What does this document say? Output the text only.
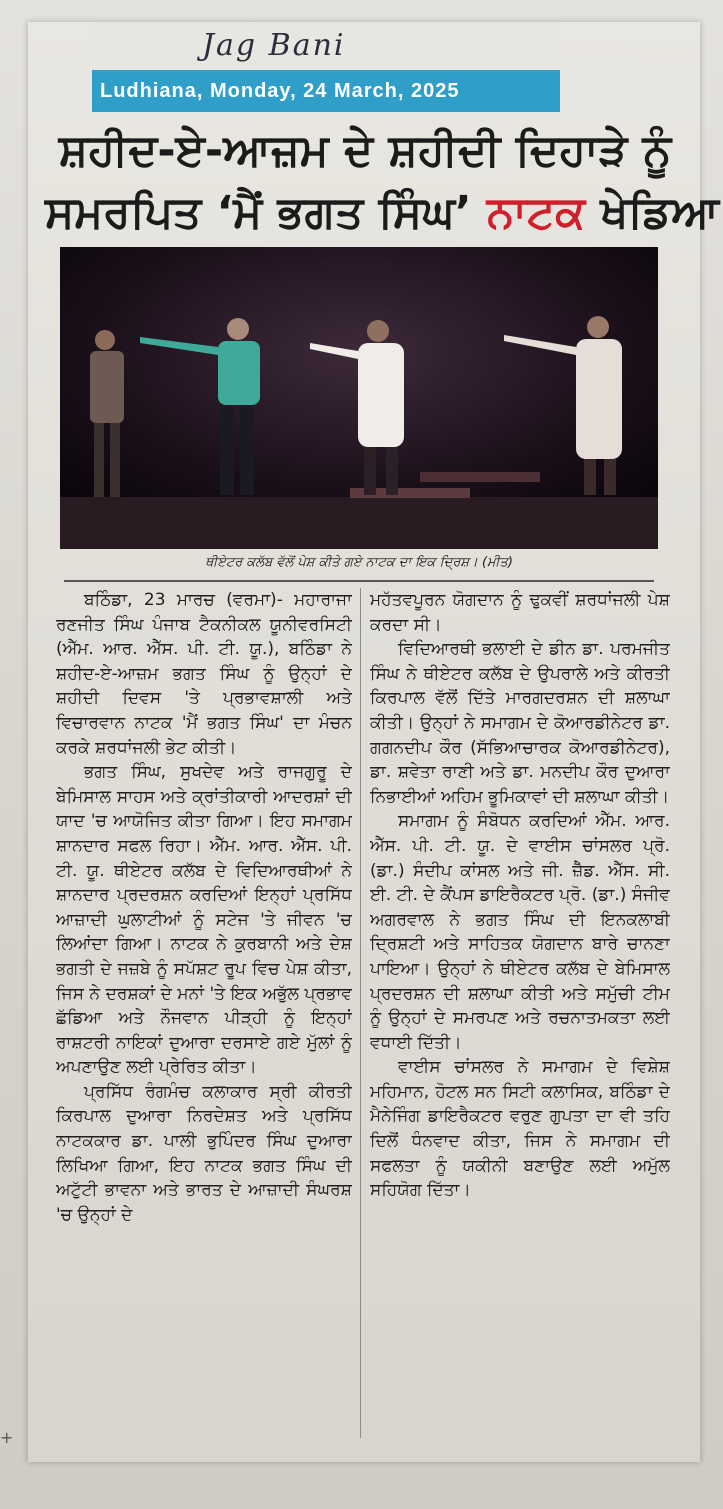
Jag Bani
Ludhiana, Monday, 24 March, 2025
ਸ਼ਹੀਦ-ਏ-ਆਜ਼ਮ ਦੇ ਸ਼ਹੀਦੀ ਦਿਹਾੜੇ ਨੂੰ
ਸਮਰਪਿਤ ‘ਮੈਂ ਭਗਤ ਸਿੰਘ’ ਨਾਟਕ ਖੇਡਿਆ
ਥੀਏਟਰ ਕਲੱਬ ਵੱਲੋਂ ਪੇਸ਼ ਕੀਤੇ ਗਏ ਨਾਟਕ ਦਾ ਇਕ ਦ੍ਰਿਸ਼। (ਮੀਤ)

ਬਠਿੰਡਾ, 23 ਮਾਰਚ (ਵਰਮਾ)- ਮਹਾਰਾਜਾ ਰਣਜੀਤ ਸਿੰਘ ਪੰਜਾਬ ਟੈਕਨੀਕਲ ਯੂਨੀਵਰਸਿਟੀ (ਐੱਮ. ਆਰ. ਐੱਸ. ਪੀ. ਟੀ. ਯੂ.), ਬਠਿੰਡਾ ਨੇ ਸ਼ਹੀਦ-ਏ-ਆਜ਼ਮ ਭਗਤ ਸਿੰਘ ਨੂੰ ਉਨ੍ਹਾਂ ਦੇ ਸ਼ਹੀਦੀ ਦਿਵਸ 'ਤੇ ਪ੍ਰਭਾਵਸ਼ਾਲੀ ਅਤੇ ਵਿਚਾਰਵਾਨ ਨਾਟਕ 'ਮੈਂ ਭਗਤ ਸਿੰਘ' ਦਾ ਮੰਚਨ ਕਰਕੇ ਸ਼ਰਧਾਂਜਲੀ ਭੇਟ ਕੀਤੀ।

ਭਗਤ ਸਿੰਘ, ਸੁਖਦੇਵ ਅਤੇ ਰਾਜਗੁਰੂ ਦੇ ਬੇਮਿਸਾਲ ਸਾਹਸ ਅਤੇ ਕ੍ਰਾਂਤੀਕਾਰੀ ਆਦਰਸ਼ਾਂ ਦੀ ਯਾਦ 'ਚ ਆਯੋਜਿਤ ਕੀਤਾ ਗਿਆ। ਇਹ ਸਮਾਗਮ ਸ਼ਾਨਦਾਰ ਸਫਲ ਰਿਹਾ। ਐੱਮ. ਆਰ. ਐੱਸ. ਪੀ. ਟੀ. ਯੂ. ਥੀਏਟਰ ਕਲੱਬ ਦੇ ਵਿਦਿਆਰਥੀਆਂ ਨੇ ਸ਼ਾਨਦਾਰ ਪ੍ਰਦਰਸ਼ਨ ਕਰਦਿਆਂ ਇਨ੍ਹਾਂ ਪ੍ਰਸਿੱਧ ਆਜ਼ਾਦੀ ਘੁਲਾਟੀਆਂ ਨੂੰ ਸਟੇਜ 'ਤੇ ਜੀਵਨ 'ਚ ਲਿਆਂਦਾ ਗਿਆ। ਨਾਟਕ ਨੇ ਕੁਰਬਾਨੀ ਅਤੇ ਦੇਸ਼ ਭਗਤੀ ਦੇ ਜਜ਼ਬੇ ਨੂੰ ਸਪੱਸ਼ਟ ਰੂਪ ਵਿਚ ਪੇਸ਼ ਕੀਤਾ, ਜਿਸ ਨੇ ਦਰਸ਼ਕਾਂ ਦੇ ਮਨਾਂ 'ਤੇ ਇਕ ਅਭੁੱਲ ਪ੍ਰਭਾਵ ਛੱਡਿਆ ਅਤੇ ਨੌਜਵਾਨ ਪੀੜ੍ਹੀ ਨੂੰ ਇਨ੍ਹਾਂ ਰਾਸ਼ਟਰੀ ਨਾਇਕਾਂ ਦੁਆਰਾ ਦਰਸਾਏ ਗਏ ਮੁੱਲਾਂ ਨੂੰ ਅਪਣਾਉਣ ਲਈ ਪ੍ਰੇਰਿਤ ਕੀਤਾ।

ਪ੍ਰਸਿੱਧ ਰੰਗਮੰਚ ਕਲਾਕਾਰ ਸ੍ਰੀ ਕੀਰਤੀ ਕਿਰਪਾਲ ਦੁਆਰਾ ਨਿਰਦੇਸ਼ਤ ਅਤੇ ਪ੍ਰਸਿੱਧ ਨਾਟਕਕਾਰ ਡਾ. ਪਾਲੀ ਭੁਪਿੰਦਰ ਸਿੰਘ ਦੁਆਰਾ ਲਿਖਿਆ ਗਿਆ, ਇਹ ਨਾਟਕ ਭਗਤ ਸਿੰਘ ਦੀ ਅਟੁੱਟੀ ਭਾਵਨਾ ਅਤੇ ਭਾਰਤ ਦੇ ਆਜ਼ਾਦੀ ਸੰਘਰਸ਼ 'ਚ ਉਨ੍ਹਾਂ ਦੇ

ਮਹੱਤਵਪੂਰਨ ਯੋਗਦਾਨ ਨੂੰ ਢੁਕਵੀਂ ਸ਼ਰਧਾਂਜਲੀ ਪੇਸ਼ ਕਰਦਾ ਸੀ।

ਵਿਦਿਆਰਥੀ ਭਲਾਈ ਦੇ ਡੀਨ ਡਾ. ਪਰਮਜੀਤ ਸਿੰਘ ਨੇ ਥੀਏਟਰ ਕਲੱਬ ਦੇ ਉਪਰਾਲੇ ਅਤੇ ਕੀਰਤੀ ਕਿਰਪਾਲ ਵੱਲੋਂ ਦਿੱਤੇ ਮਾਰਗਦਰਸ਼ਨ ਦੀ ਸ਼ਲਾਘਾ ਕੀਤੀ। ਉਨ੍ਹਾਂ ਨੇ ਸਮਾਗਮ ਦੇ ਕੋਆਰਡੀਨੇਟਰ ਡਾ. ਗਗਨਦੀਪ ਕੌਰ (ਸੱਭਿਆਚਾਰਕ ਕੋਆਰਡੀਨੇਟਰ), ਡਾ. ਸ਼ਵੇਤਾ ਰਾਣੀ ਅਤੇ ਡਾ. ਮਨਦੀਪ ਕੌਰ ਦੁਆਰਾ ਨਿਭਾਈਆਂ ਅਹਿਮ ਭੂਮਿਕਾਵਾਂ ਦੀ ਸ਼ਲਾਘਾ ਕੀਤੀ।

ਸਮਾਗਮ ਨੂੰ ਸੰਬੋਧਨ ਕਰਦਿਆਂ ਐੱਮ. ਆਰ. ਐੱਸ. ਪੀ. ਟੀ. ਯੂ. ਦੇ ਵਾਈਸ ਚਾਂਸਲਰ ਪ੍ਰੋ. (ਡਾ.) ਸੰਦੀਪ ਕਾਂਸਲ ਅਤੇ ਜੀ. ਜ਼ੈੱਡ. ਐੱਸ. ਸੀ. ਈ. ਟੀ. ਦੇ ਕੈਂਪਸ ਡਾਇਰੈਕਟਰ ਪ੍ਰੋ. (ਡਾ.) ਸੰਜੀਵ ਅਗਰਵਾਲ ਨੇ ਭਗਤ ਸਿੰਘ ਦੀ ਇਨਕਲਾਬੀ ਦ੍ਰਿਸ਼ਟੀ ਅਤੇ ਸਾਹਿਤਕ ਯੋਗਦਾਨ ਬਾਰੇ ਚਾਨਣਾ ਪਾਇਆ। ਉਨ੍ਹਾਂ ਨੇ ਥੀਏਟਰ ਕਲੱਬ ਦੇ ਬੇਮਿਸਾਲ ਪ੍ਰਦਰਸ਼ਨ ਦੀ ਸ਼ਲਾਘਾ ਕੀਤੀ ਅਤੇ ਸਮੁੱਚੀ ਟੀਮ ਨੂੰ ਉਨ੍ਹਾਂ ਦੇ ਸਮਰਪਣ ਅਤੇ ਰਚਨਾਤਮਕਤਾ ਲਈ ਵਧਾਈ ਦਿੱਤੀ।

ਵਾਈਸ ਚਾਂਸਲਰ ਨੇ ਸਮਾਗਮ ਦੇ ਵਿਸ਼ੇਸ਼ ਮਹਿਮਾਨ, ਹੋਟਲ ਸਨ ਸਿਟੀ ਕਲਾਸਿਕ, ਬਠਿੰਡਾ ਦੇ ਮੈਨੇਜਿੰਗ ਡਾਇਰੈਕਟਰ ਵਰੁਣ ਗੁਪਤਾ ਦਾ ਵੀ ਤਹਿ ਦਿਲੋਂ ਧੰਨਵਾਦ ਕੀਤਾ, ਜਿਸ ਨੇ ਸਮਾਗਮ ਦੀ ਸਫਲਤਾ ਨੂੰ ਯਕੀਨੀ ਬਣਾਉਣ ਲਈ ਅਮੁੱਲ ਸਹਿਯੋਗ ਦਿੱਤਾ।

+
